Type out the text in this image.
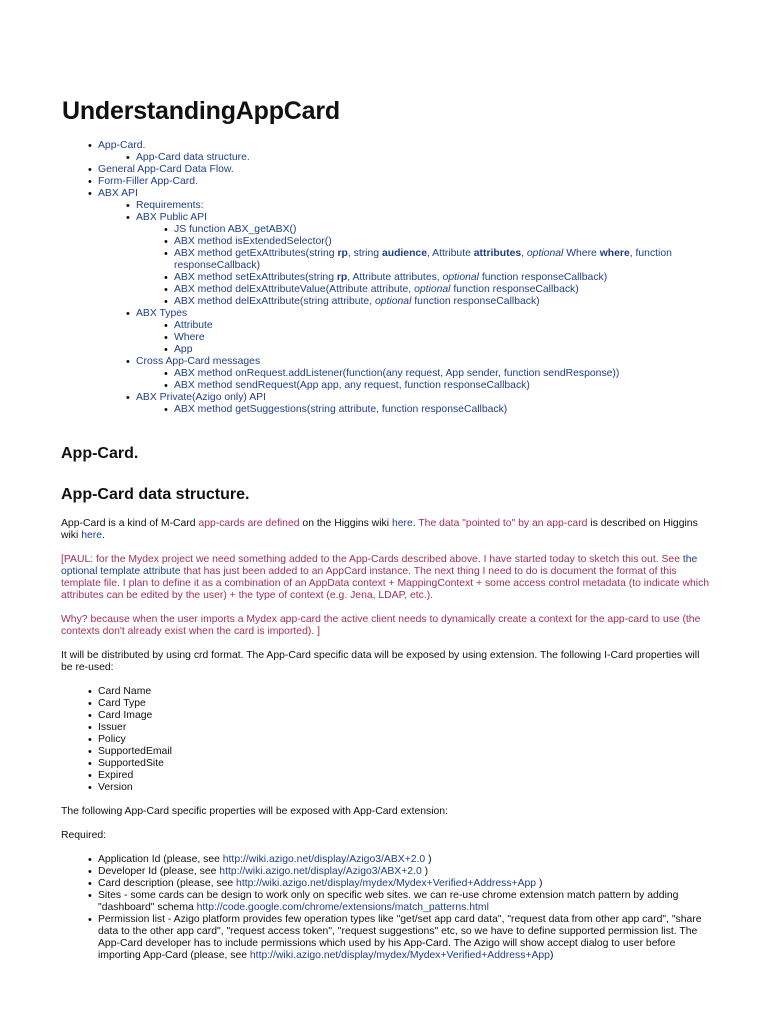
UnderstandingAppCard
• App-Card.
• App-Card data structure.
• General App-Card Data Flow.
• Form-Filler App-Card.
• ABX API
• Requirements:
• ABX Public API
• JS function ABX_getABX()
• ABX method isExtendedSelector()
• ABX method getExAttributes(string rp, string audience, Attribute attributes, optional Where where, function
responseCallback)
• ABX method setExAttributes(string rp, Attribute attributes, optional function responseCallback)
• ABX method delExAttributeValue(Attribute attribute, optional function responseCallback)
• ABX method delExAttribute(string attribute, optional function responseCallback)
• ABX Types
• Attribute
• Where
• App
• Cross App-Card messages
• ABX method onRequest.addListener(function(any request, App sender, function sendResponse))
• ABX method sendRequest(App app, any request, function responseCallback)
• ABX Private(Azigo only) API
• ABX method getSuggestions(string attribute, function responseCallback)
App-Card.
App-Card data structure.

App-Card is a kind of M-Card app-cards are defined on the Higgins wiki here. The data "pointed to" by an app-card is described on Higgins wiki here.

[PAUL: for the Mydex project we need something added to the App-Cards described above. I have started today to sketch this out. See the optional template attribute that has just been added to an AppCard instance. The next thing I need to do is document the format of this template file. I plan to define it as a combination of an AppData context + MappingContext + some access control metadata (to indicate which attributes can be edited by the user) + the type of context (e.g. Jena, LDAP, etc.).

Why? because when the user imports a Mydex app-card the active client needs to dynamically create a context for the app-card to use (the contexts don't already exist when the card is imported). ]

It will be distributed by using crd format. The App-Card specific data will be exposed by using extension. The following I-Card properties will be re-used:

• Card Name
• Card Type
• Card Image
• Issuer
• Policy
• SupportedEmail
• SupportedSite
• Expired
• Version

The following App-Card specific properties will be exposed with App-Card extension:

Required:

• Application Id (please, see http://wiki.azigo.net/display/Azigo3/ABX+2.0 )
• Developer Id (please, see http://wiki.azigo.net/display/Azigo3/ABX+2.0 )
• Card description (please, see http://wiki.azigo.net/display/mydex/Mydex+Verified+Address+App )
• Sites - some cards can be design to work only on specific web sites. we can re-use chrome extension match pattern by adding "dashboard" schema http://code.google.com/chrome/extensions/match_patterns.html
• Permission list - Azigo platform provides few operation types like "get/set app card data", "request data from other app card", "share data to the other app card", "request access token", "request suggestions" etc, so we have to define supported permission list. The App-Card developer has to include permissions which used by his App-Card. The Azigo will show accept dialog to user before importing App-Card (please, see http://wiki.azigo.net/display/mydex/Mydex+Verified+Address+App)
